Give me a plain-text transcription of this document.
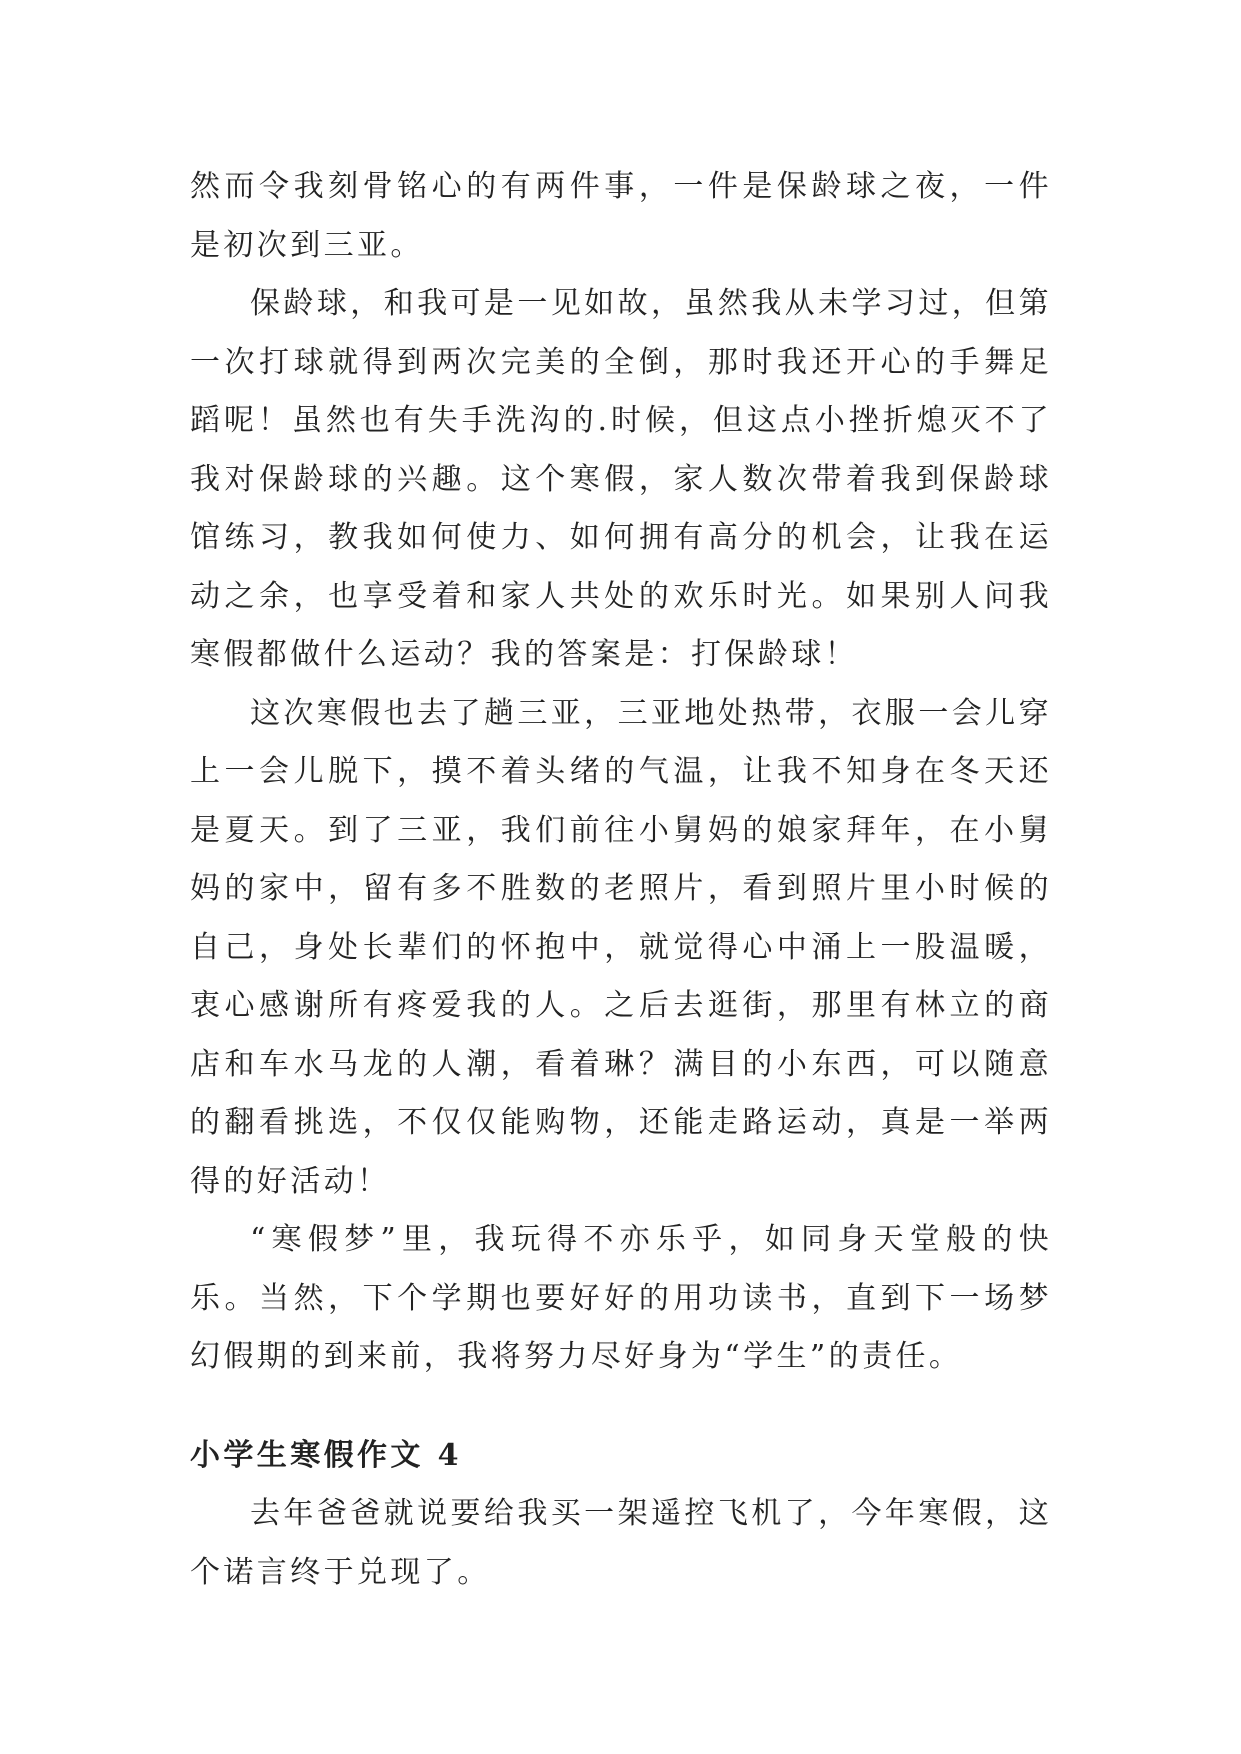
然而令我刻骨铭心的有两件事，一件是保龄球之夜，一件是初次到三亚。

保龄球，和我可是一见如故，虽然我从未学习过，但第一次打球就得到两次完美的全倒，那时我还开心的手舞足蹈呢！虽然也有失手洗沟的.时候，但这点小挫折熄灭不了我对保龄球的兴趣。这个寒假，家人数次带着我到保龄球馆练习，教我如何使力、如何拥有高分的机会，让我在运动之余，也享受着和家人共处的欢乐时光。如果别人问我寒假都做什么运动？我的答案是：打保龄球！

这次寒假也去了趟三亚，三亚地处热带，衣服一会儿穿上一会儿脱下，摸不着头绪的气温，让我不知身在冬天还是夏天。到了三亚，我们前往小舅妈的娘家拜年，在小舅妈的家中，留有多不胜数的老照片，看到照片里小时候的自己，身处长辈们的怀抱中，就觉得心中涌上一股温暖，衷心感谢所有疼爱我的人。之后去逛街，那里有林立的商店和车水马龙的人潮，看着琳？满目的小东西，可以随意的翻看挑选，不仅仅能购物，还能走路运动，真是一举两得的好活动！

“寒假梦”里，我玩得不亦乐乎，如同身天堂般的快乐。当然，下个学期也要好好的用功读书，直到下一场梦幻假期的到来前，我将努力尽好身为“学生”的责任。

小学生寒假作文 4

去年爸爸就说要给我买一架遥控飞机了，今年寒假，这个诺言终于兑现了。
